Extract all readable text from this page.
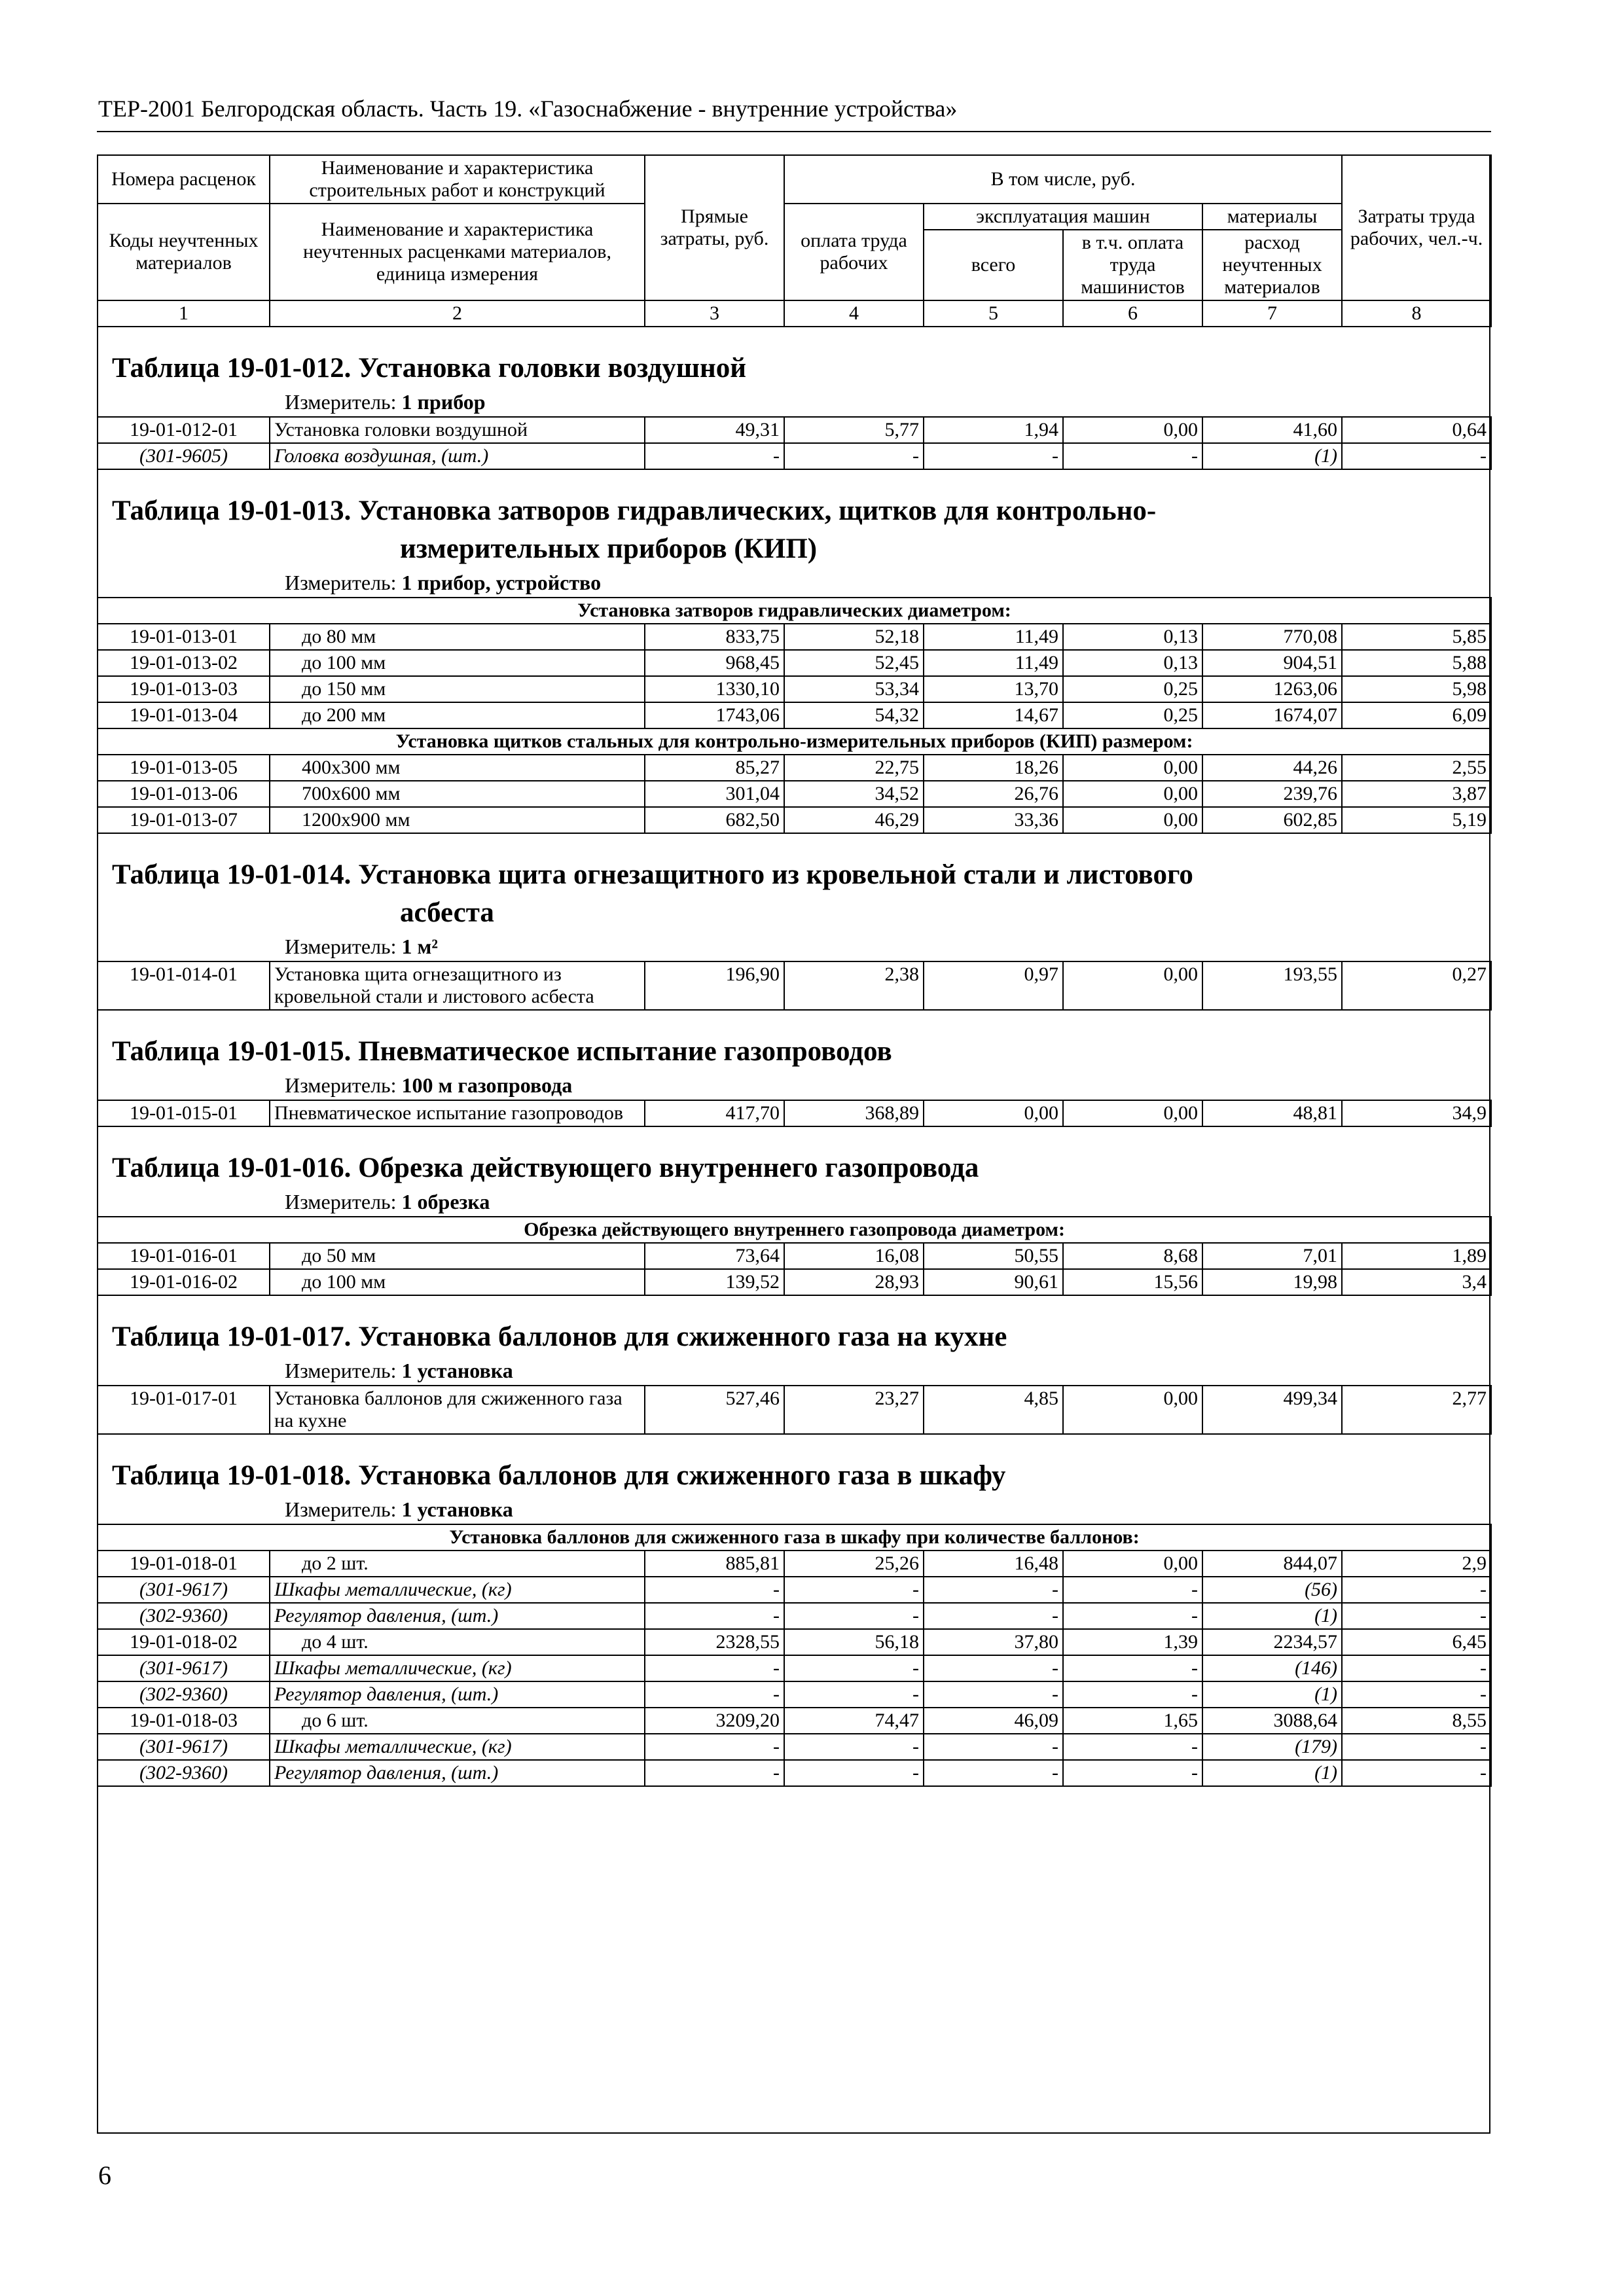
ТЕР-2001 Белгородская область. Часть 19. «Газоснабжение - внутренние устройства»
Номера расценок	Наименование и характеристика строительных работ и конструкций	Прямые затраты, руб.	В том числе, руб.				Затраты труда рабочих, чел.-ч.
Коды неучтенных материалов	Наименование и характеристика неучтенных расценками материалов, единица измерения		оплата труда рабочих	эксплуатация машин		материалы	
				всего	в т.ч. оплата труда машинистов	расход неучтенных материалов	
1	2	3	4	5	6	7	8

Таблица 19-01-012. Установка головки воздушной
Измеритель: 1 прибор							

19-01-012-01	Установка головки воздушной	49,31	5,77	1,94	0,00	41,60	0,64
(301-9605)	Головка воздушная, (шт.)	-	-	-	-	(1)	-

Таблица 19-01-013. Установка затворов гидравлических, щитков для контрольно-
измерительных приборов (КИП)
Измеритель: 1 прибор, устройство							

Установка затворов гидравлических диаметром:							
19-01-013-01	до 80 мм	833,75	52,18	11,49	0,13	770,08	5,85
19-01-013-02	до 100 мм	968,45	52,45	11,49	0,13	904,51	5,88
19-01-013-03	до 150 мм	1330,10	53,34	13,70	0,25	1263,06	5,98
19-01-013-04	до 200 мм	1743,06	54,32	14,67	0,25	1674,07	6,09
Установка щитков стальных для контрольно-измерительных приборов (КИП) размером:							
19-01-013-05	400х300 мм	85,27	22,75	18,26	0,00	44,26	2,55
19-01-013-06	700х600 мм	301,04	34,52	26,76	0,00	239,76	3,87
19-01-013-07	1200х900 мм	682,50	46,29	33,36	0,00	602,85	5,19

Таблица 19-01-014. Установка щита огнезащитного из кровельной стали и листового
асбеста
Измеритель: 1 м²							

19-01-014-01	Установка щита огнезащитного из кровельной стали и листового асбеста	196,90	2,38	0,97	0,00	193,55	0,27

Таблица 19-01-015. Пневматическое испытание газопроводов
Измеритель: 100 м газопровода							

19-01-015-01	Пневматическое испытание газопроводов	417,70	368,89	0,00	0,00	48,81	34,9

Таблица 19-01-016. Обрезка действующего внутреннего газопровода
Измеритель: 1 обрезка							

Обрезка действующего внутреннего газопровода диаметром:							
19-01-016-01	до 50 мм	73,64	16,08	50,55	8,68	7,01	1,89
19-01-016-02	до 100 мм	139,52	28,93	90,61	15,56	19,98	3,4

Таблица 19-01-017. Установка баллонов для сжиженного газа на кухне
Измеритель: 1 установка							

19-01-017-01	Установка баллонов для сжиженного газа на кухне	527,46	23,27	4,85	0,00	499,34	2,77

Таблица 19-01-018. Установка баллонов для сжиженного газа в шкафу
Измеритель: 1 установка							

Установка баллонов для сжиженного газа в шкафу при количестве баллонов:							
19-01-018-01	до 2 шт.	885,81	25,26	16,48	0,00	844,07	2,9
(301-9617)	Шкафы металлические, (кг)	-	-	-	-	(56)	-
(302-9360)	Регулятор давления, (шт.)	-	-	-	-	(1)	-
19-01-018-02	до 4 шт.	2328,55	56,18	37,80	1,39	2234,57	6,45
(301-9617)	Шкафы металлические, (кг)	-	-	-	-	(146)	-
(302-9360)	Регулятор давления, (шт.)	-	-	-	-	(1)	-
19-01-018-03	до 6 шт.	3209,20	74,47	46,09	1,65	3088,64	8,55
(301-9617)	Шкафы металлические, (кг)	-	-	-	-	(179)	-
(302-9360)	Регулятор давления, (шт.)	-	-	-	-	(1)	-
6
